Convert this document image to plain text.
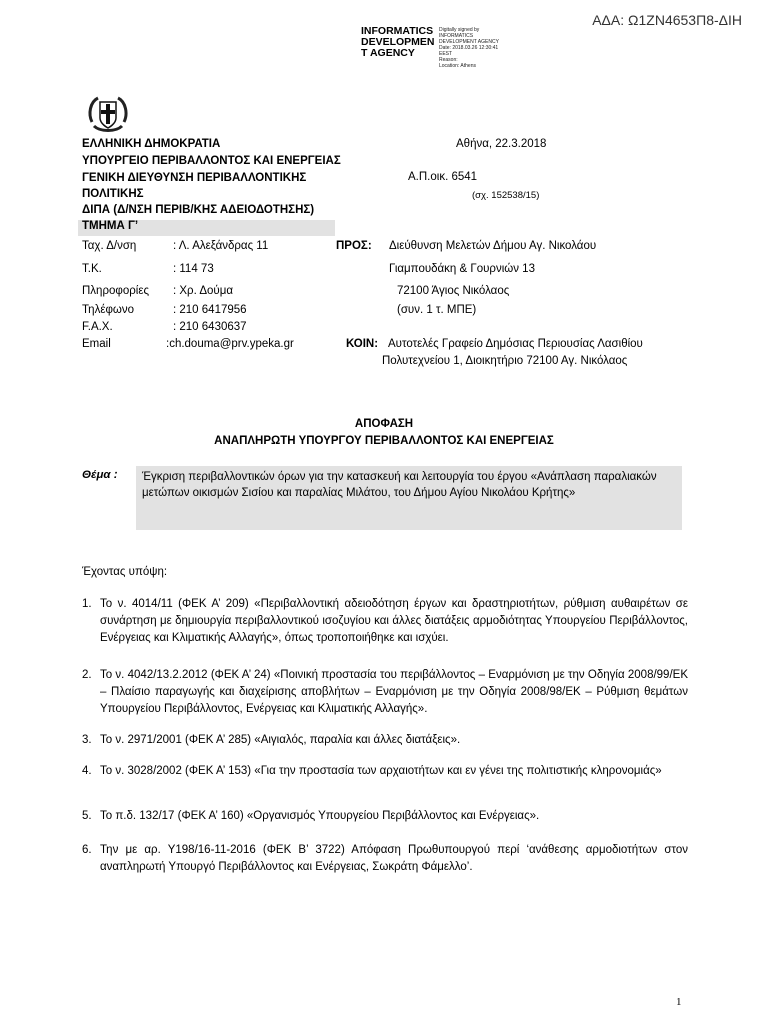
ΑΔΑ: Ω1ΖΝ4653Π8-ΔΙΗ
INFORMATICS
DEVELOPMEN
T AGENCY
Digitally signed by
INFORMATICS
DEVELOPMENT AGENCY
Date: 2018.03.26 12:30:41
EEST
Reason:
Location: Athens
ΕΛΛΗΝΙΚΗ ΔΗΜΟΚΡΑΤΙΑ
ΥΠΟΥΡΓΕΙΟ ΠΕΡΙΒΑΛΛΟΝΤΟΣ ΚΑΙ ΕΝΕΡΓΕΙΑΣ
ΓΕΝΙΚΗ ΔΙΕΥΘΥΝΣΗ ΠΕΡΙΒΑΛΛΟΝΤΙΚΗΣ
ΠΟΛΙΤΙΚΗΣ
ΔΙΠΑ (Δ/ΝΣΗ ΠΕΡΙΒ/ΚΗΣ ΑΔΕΙΟΔΟΤΗΣΗΣ)
ΤΜΗΜΑ Γ’
Αθήνα, 22.3.2018
Α.Π.οικ. 6541
(σχ. 152538/15)
Ταχ. Δ/νση	: Λ. Αλεξάνδρας 11
Τ.Κ.	: 114 73
Πληροφορίες : Χρ. Δούμα
Τηλέφωνο	: 210 6417956
F.A.X.	: 210 6430637
Email	:ch.douma@prv.ypeka.gr
ΠΡΟΣ: Διεύθυνση Μελετών Δήμου Αγ. Νικολάου
Γιαμπουδάκη & Γουρνιών 13
72100 Άγιος Νικόλαος
(συν. 1 τ. ΜΠΕ)
ΚΟΙΝ: Αυτοτελές Γραφείο Δημόσιας Περιουσίας Λασιθίου
Πολυτεχνείου 1, Διοικητήριο 72100 Αγ. Νικόλαος
ΑΠΟΦΑΣΗ
ΑΝΑΠΛΗΡΩΤΗ ΥΠΟΥΡΓΟΥ ΠΕΡΙΒΑΛΛΟΝΤΟΣ ΚΑΙ ΕΝΕΡΓΕΙΑΣ
Θέμα :	Έγκριση περιβαλλοντικών όρων για την κατασκευή και λειτουργία του έργου «Ανάπλαση παραλιακών μετώπων οικισμών Σισίου και παραλίας Μιλάτου, του Δήμου Αγίου Νικολάου Κρήτης»
Έχοντας υπόψη:
1. Το ν. 4014/11 (ΦΕΚ Α’ 209) «Περιβαλλοντική αδειοδότηση έργων και δραστηριοτήτων, ρύθμιση αυθαιρέτων σε συνάρτηση με δημιουργία περιβαλλοντικού ισοζυγίου και άλλες διατάξεις αρμοδιότητας Υπουργείου Περιβάλλοντος, Ενέργειας και Κλιματικής Αλλαγής», όπως τροποποιήθηκε και ισχύει.
2. Το ν. 4042/13.2.2012 (ΦΕΚ Α’ 24) «Ποινική προστασία του περιβάλλοντος – Εναρμόνιση με την Οδηγία 2008/99/ΕΚ – Πλαίσιο παραγωγής και διαχείρισης αποβλήτων – Εναρμόνιση με την Οδηγία 2008/98/ΕΚ – Ρύθμιση θεμάτων Υπουργείου Περιβάλλοντος, Ενέργειας και Κλιματικής Αλλαγής».
3. Το ν. 2971/2001 (ΦΕΚ Α’ 285) «Αιγιαλός, παραλία και άλλες διατάξεις».
4. Το ν. 3028/2002 (ΦΕΚ Α’ 153) «Για την προστασία των αρχαιοτήτων και εν γένει της πολιτιστικής κληρονομιάς»
5. Το π.δ. 132/17 (ΦΕΚ Α’ 160) «Οργανισμός Υπουργείου Περιβάλλοντος και Ενέργειας».
6. Την με αρ. Υ198/16-11-2016 (ΦΕΚ Β’ 3722) Απόφαση Πρωθυπουργού περί ‘ανάθεσης αρμοδιοτήτων στον αναπληρωτή Υπουργό Περιβάλλοντος και Ενέργειας, Σωκράτη Φάμελλο’.
1
